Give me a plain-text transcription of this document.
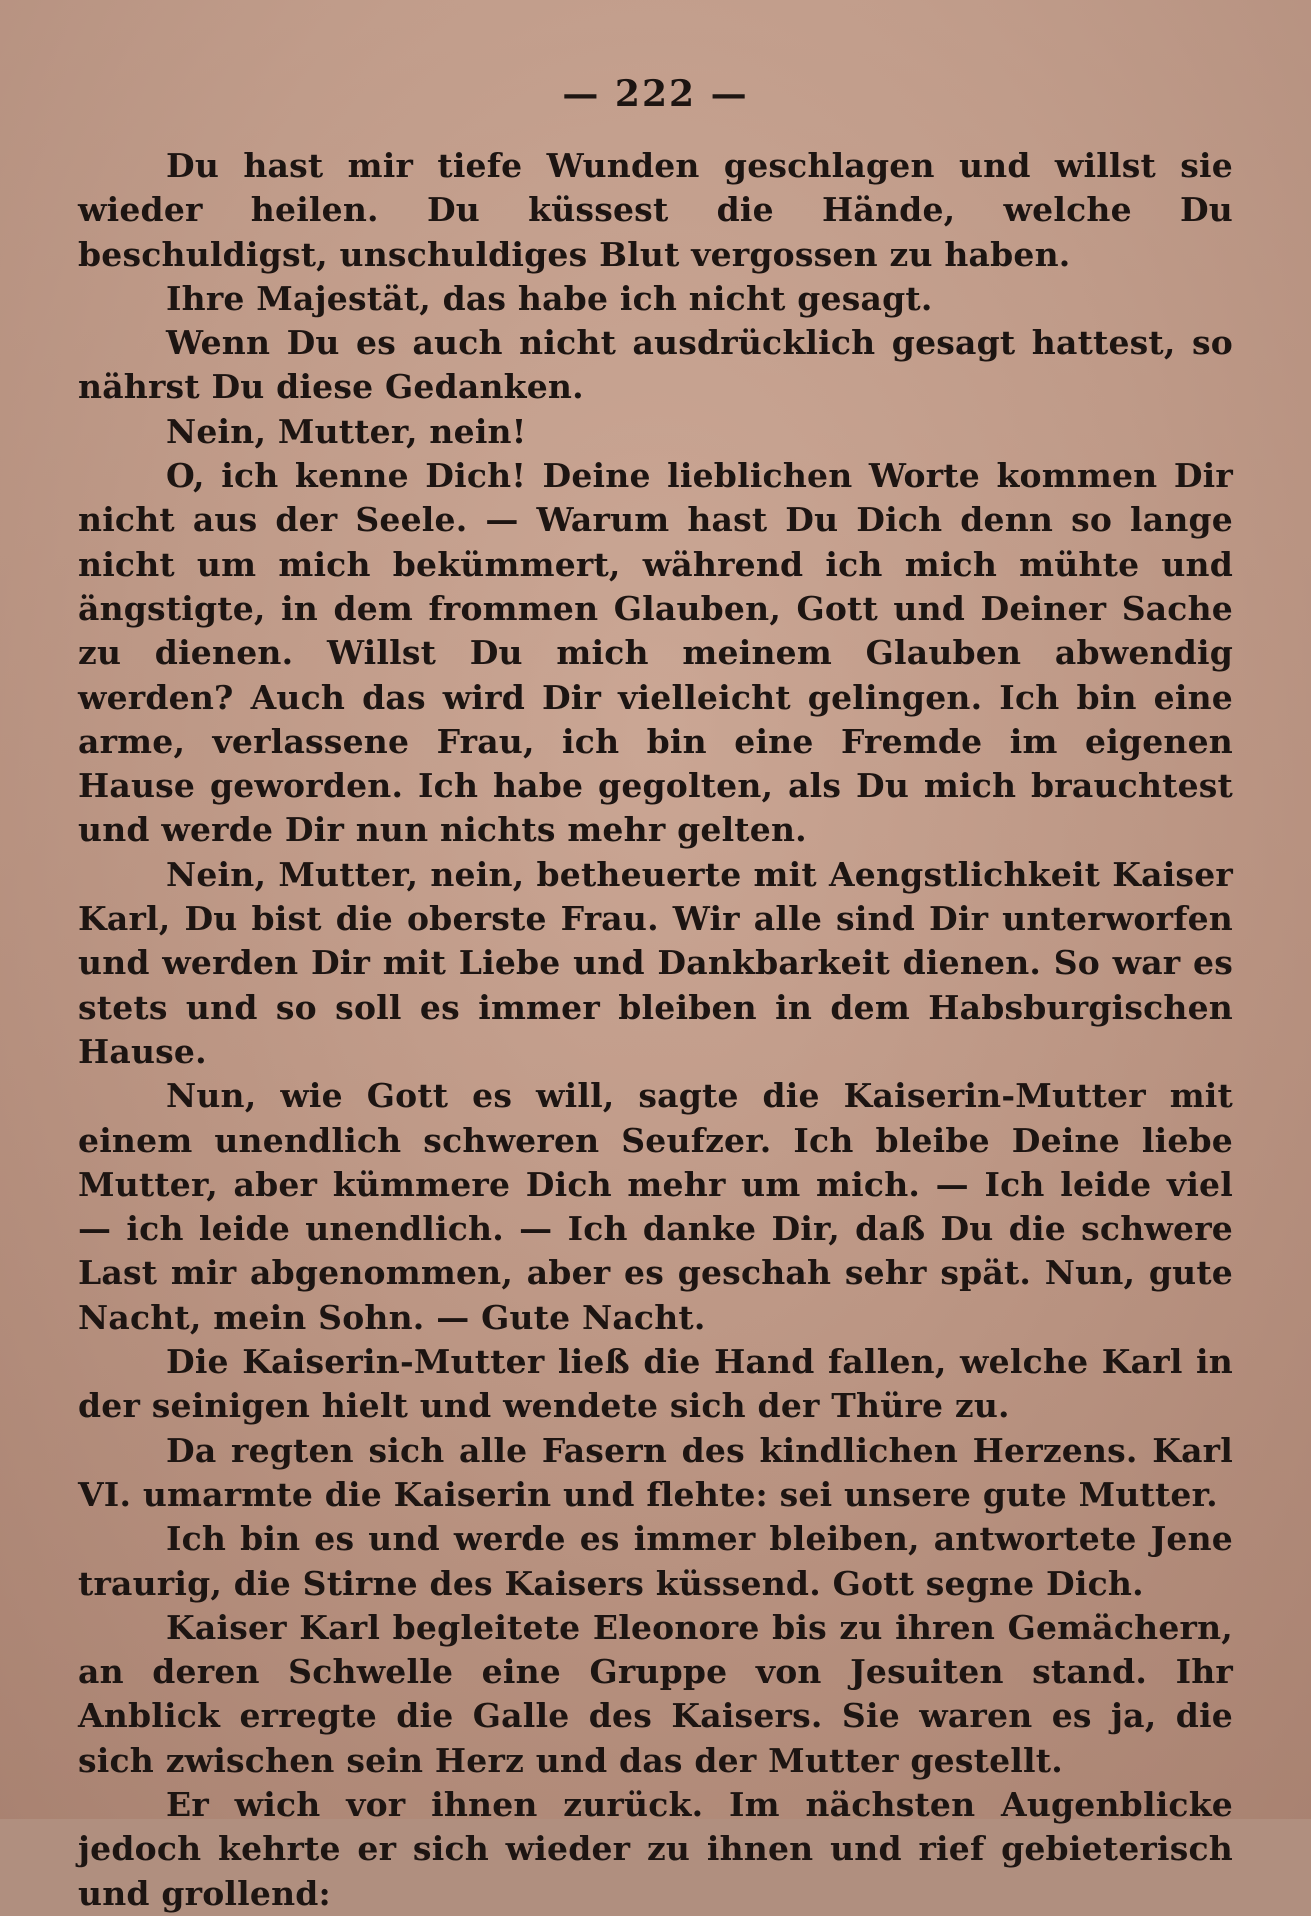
— 222 —

Du hast mir tiefe Wunden geschlagen und willst sie wieder heilen. Du küssest die Hände, welche Du beschuldigst, unschuldiges Blut vergossen zu haben.

Ihre Majestät, das habe ich nicht gesagt.

Wenn Du es auch nicht ausdrücklich gesagt hattest, so nährst Du diese Gedanken.

Nein, Mutter, nein!

O, ich kenne Dich! Deine lieblichen Worte kommen Dir nicht aus der Seele. — Warum hast Du Dich denn so lange nicht um mich bekümmert, während ich mich mühte und ängstigte, in dem frommen Glauben, Gott und Deiner Sache zu dienen. Willst Du mich meinem Glauben abwendig werden? Auch das wird Dir vielleicht gelingen. Ich bin eine arme, verlassene Frau, ich bin eine Fremde im eigenen Hause geworden. Ich habe gegolten, als Du mich brauchtest und werde Dir nun nichts mehr gelten.

Nein, Mutter, nein, betheuerte mit Aengstlichkeit Kaiser Karl, Du bist die oberste Frau. Wir alle sind Dir unterworfen und werden Dir mit Liebe und Dankbarkeit dienen. So war es stets und so soll es immer bleiben in dem Habsburgischen Hause.

Nun, wie Gott es will, sagte die Kaiserin-Mutter mit einem unendlich schweren Seufzer. Ich bleibe Deine liebe Mutter, aber kümmere Dich mehr um mich. — Ich leide viel — ich leide unendlich. — Ich danke Dir, daß Du die schwere Last mir abgenommen, aber es geschah sehr spät. Nun, gute Nacht, mein Sohn. — Gute Nacht.

Die Kaiserin-Mutter ließ die Hand fallen, welche Karl in der seinigen hielt und wendete sich der Thüre zu.

Da regten sich alle Fasern des kindlichen Herzens. Karl VI. umarmte die Kaiserin und flehte: sei unsere gute Mutter.

Ich bin es und werde es immer bleiben, antwortete Jene traurig, die Stirne des Kaisers küssend. Gott segne Dich.

Kaiser Karl begleitete Eleonore bis zu ihren Gemächern, an deren Schwelle eine Gruppe von Jesuiten stand. Ihr Anblick erregte die Galle des Kaisers. Sie waren es ja, die sich zwischen sein Herz und das der Mutter gestellt.

Er wich vor ihnen zurück. Im nächsten Augenblicke jedoch kehrte er sich wieder zu ihnen und rief gebieterisch und grollend:
